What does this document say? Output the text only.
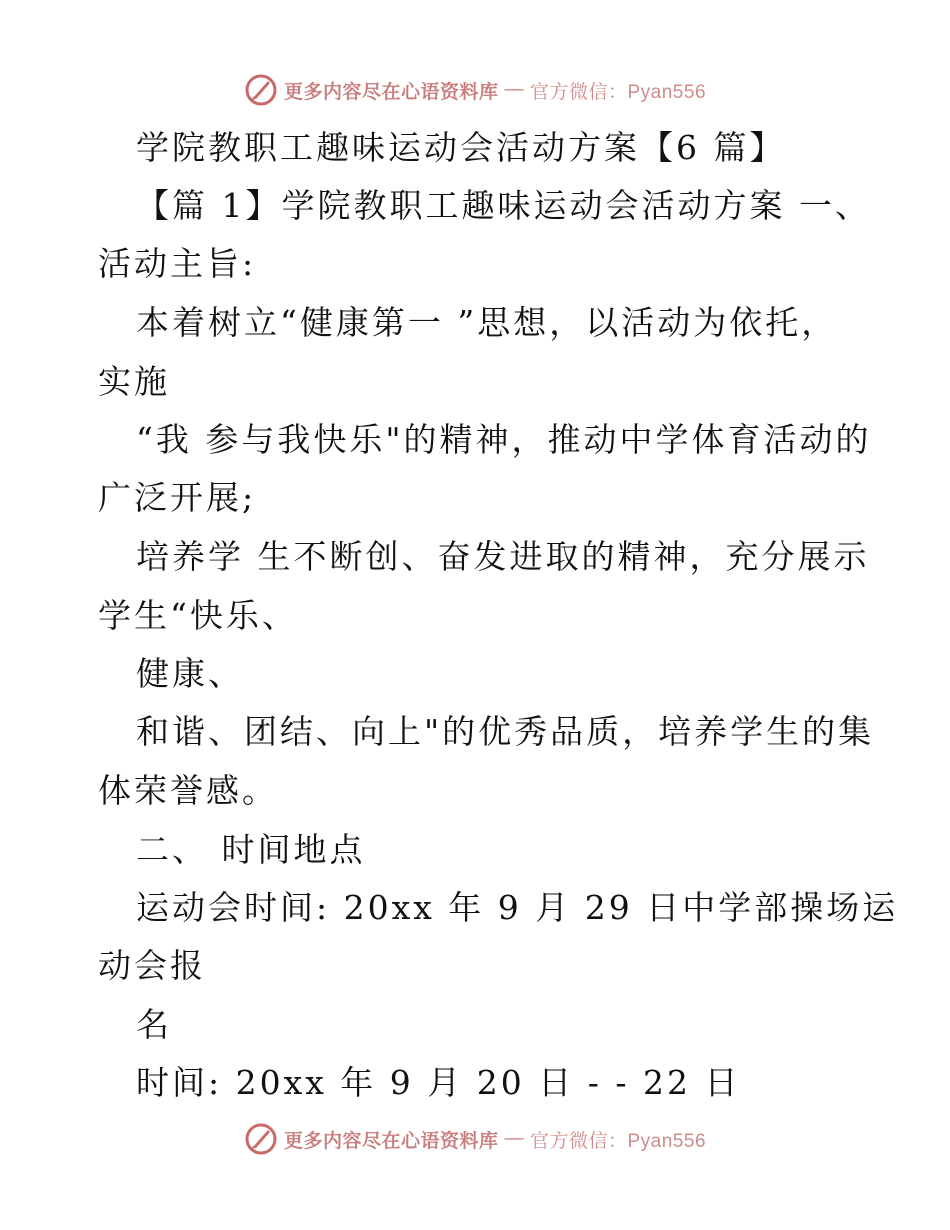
更多内容尽在心语资料库 — 官方微信：Pyan556
学院教职工趣味运动会活动方案【6 篇】
【篇 1】学院教职工趣味运动会活动方案 一、
活动主旨:
本着树立“健康第一 ”思想，以活动为依托，
实施
“我 参与我快乐"的精神，推动中学体育活动的
广泛开展;
培养学 生不断创、奋发进取的精神，充分展示
学生“快乐、
健康、
和谐、团结、向上"的优秀品质，培养学生的集
体荣誉感。
二、 时间地点
运动会时间: 20xx 年 9 月 29 日中学部操场运
动会报
名
时间: 20xx 年 9 月 20 日 - - 22 日
更多内容尽在心语资料库 — 官方微信：Pyan556
